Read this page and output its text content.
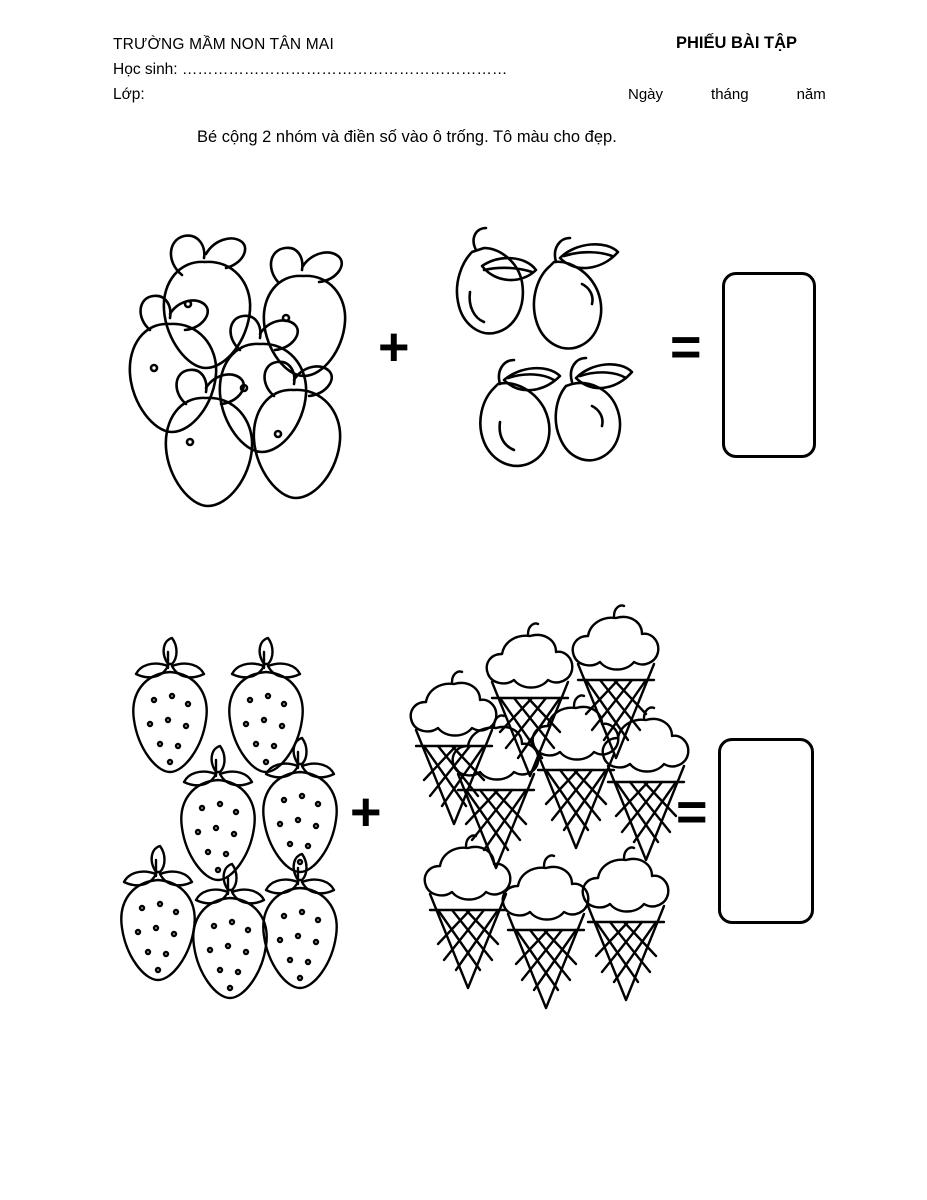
TRƯỜNG MẦM NON TÂN MAI
Học sinh: ………………………………………………………
Lớp:
PHIẾU BÀI TẬP
Ngày	tháng	năm
Bé cộng 2 nhóm và điền số vào ô trống. Tô màu cho đẹp.
+	=
+	=
